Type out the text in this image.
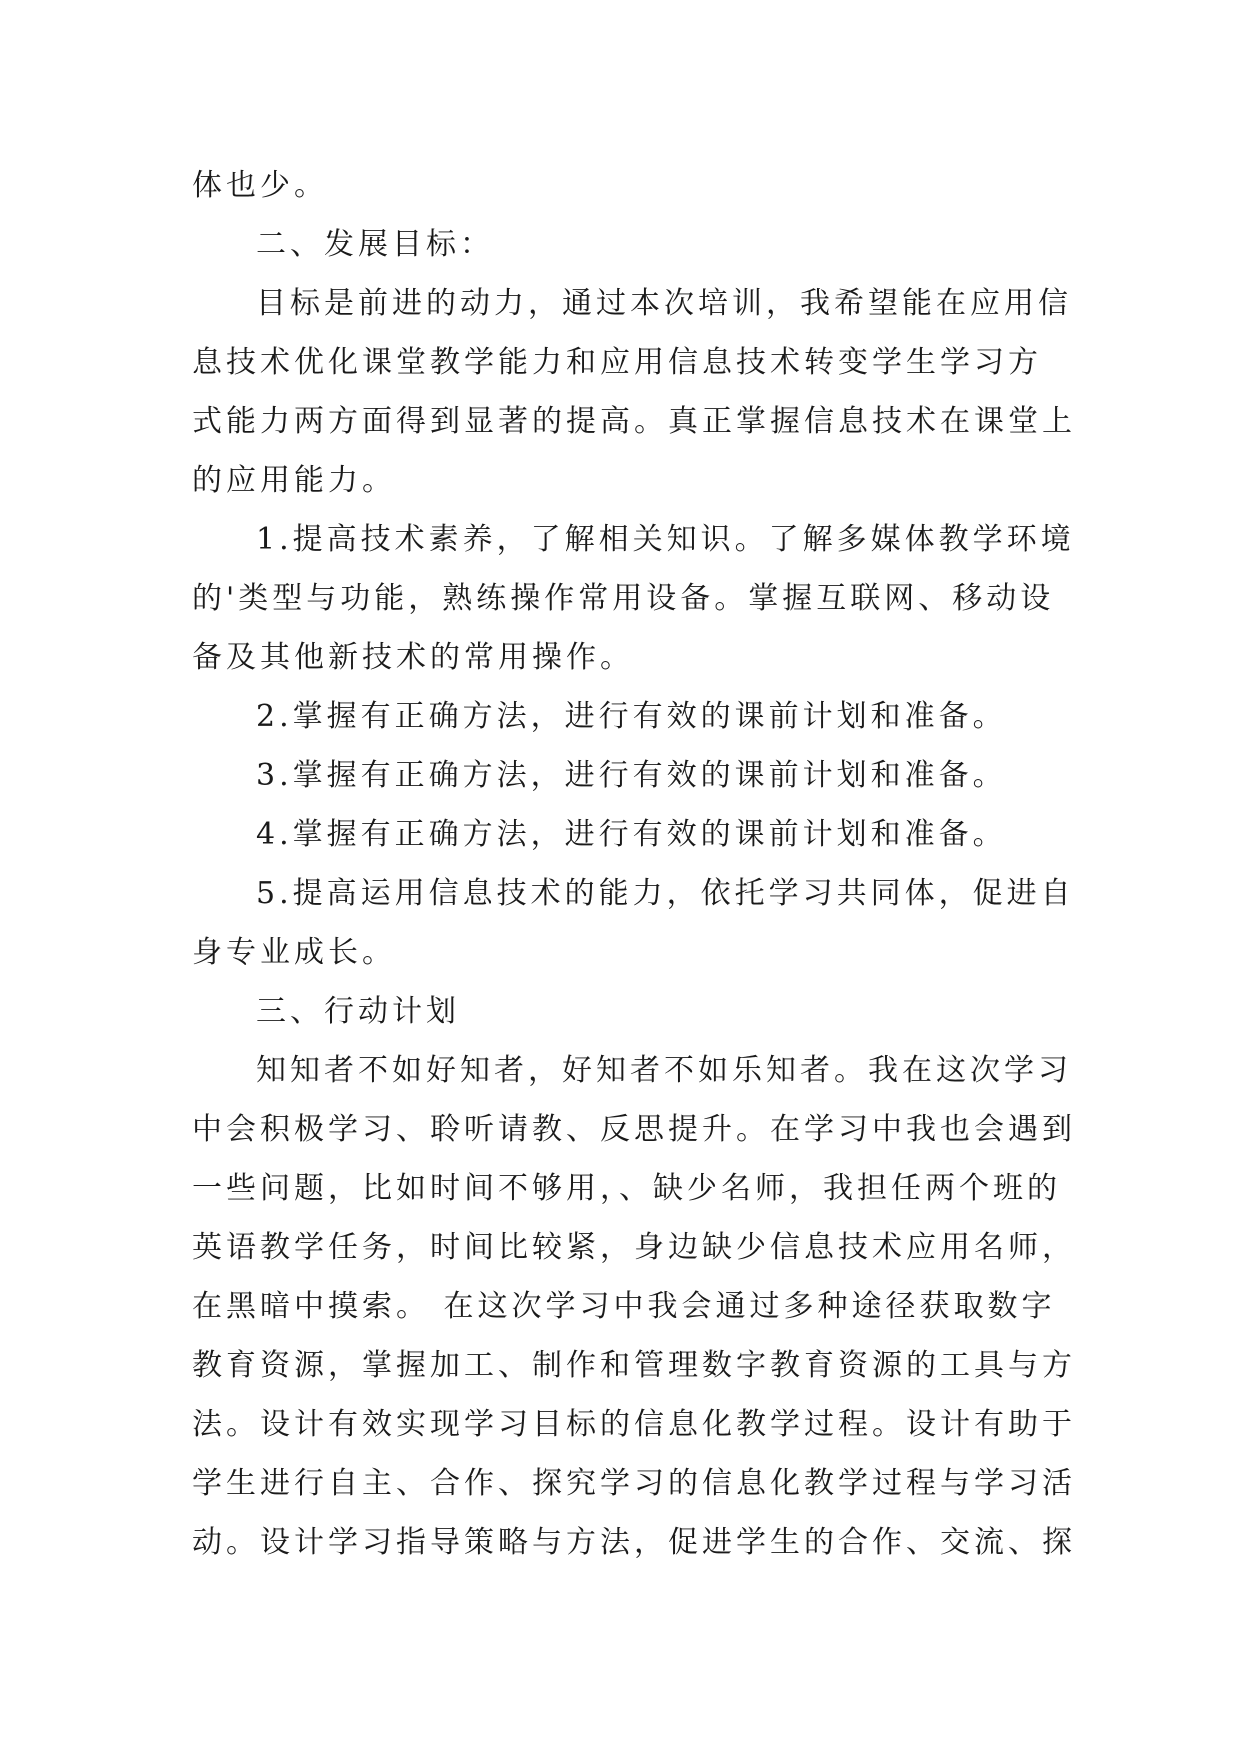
体也少。
二、发展目标：
目标是前进的动力，通过本次培训，我希望能在应用信
息技术优化课堂教学能力和应用信息技术转变学生学习方
式能力两方面得到显著的提高。真正掌握信息技术在课堂上
的应用能力。
1.提高技术素养，了解相关知识。了解多媒体教学环境
的'类型与功能，熟练操作常用设备。掌握互联网、移动设
备及其他新技术的常用操作。
2.掌握有正确方法，进行有效的课前计划和准备。
3.掌握有正确方法，进行有效的课前计划和准备。
4.掌握有正确方法，进行有效的课前计划和准备。
5.提高运用信息技术的能力，依托学习共同体，促进自
身专业成长。
三、行动计划
知知者不如好知者，好知者不如乐知者。我在这次学习
中会积极学习、聆听请教、反思提升。在学习中我也会遇到
一些问题，比如时间不够用，、缺少名师，我担任两个班的
英语教学任务，时间比较紧，身边缺少信息技术应用名师，
在黑暗中摸索。 在这次学习中我会通过多种途径获取数字
教育资源，掌握加工、制作和管理数字教育资源的工具与方
法。设计有效实现学习目标的信息化教学过程。设计有助于
学生进行自主、合作、探究学习的信息化教学过程与学习活
动。设计学习指导策略与方法，促进学生的合作、交流、探
